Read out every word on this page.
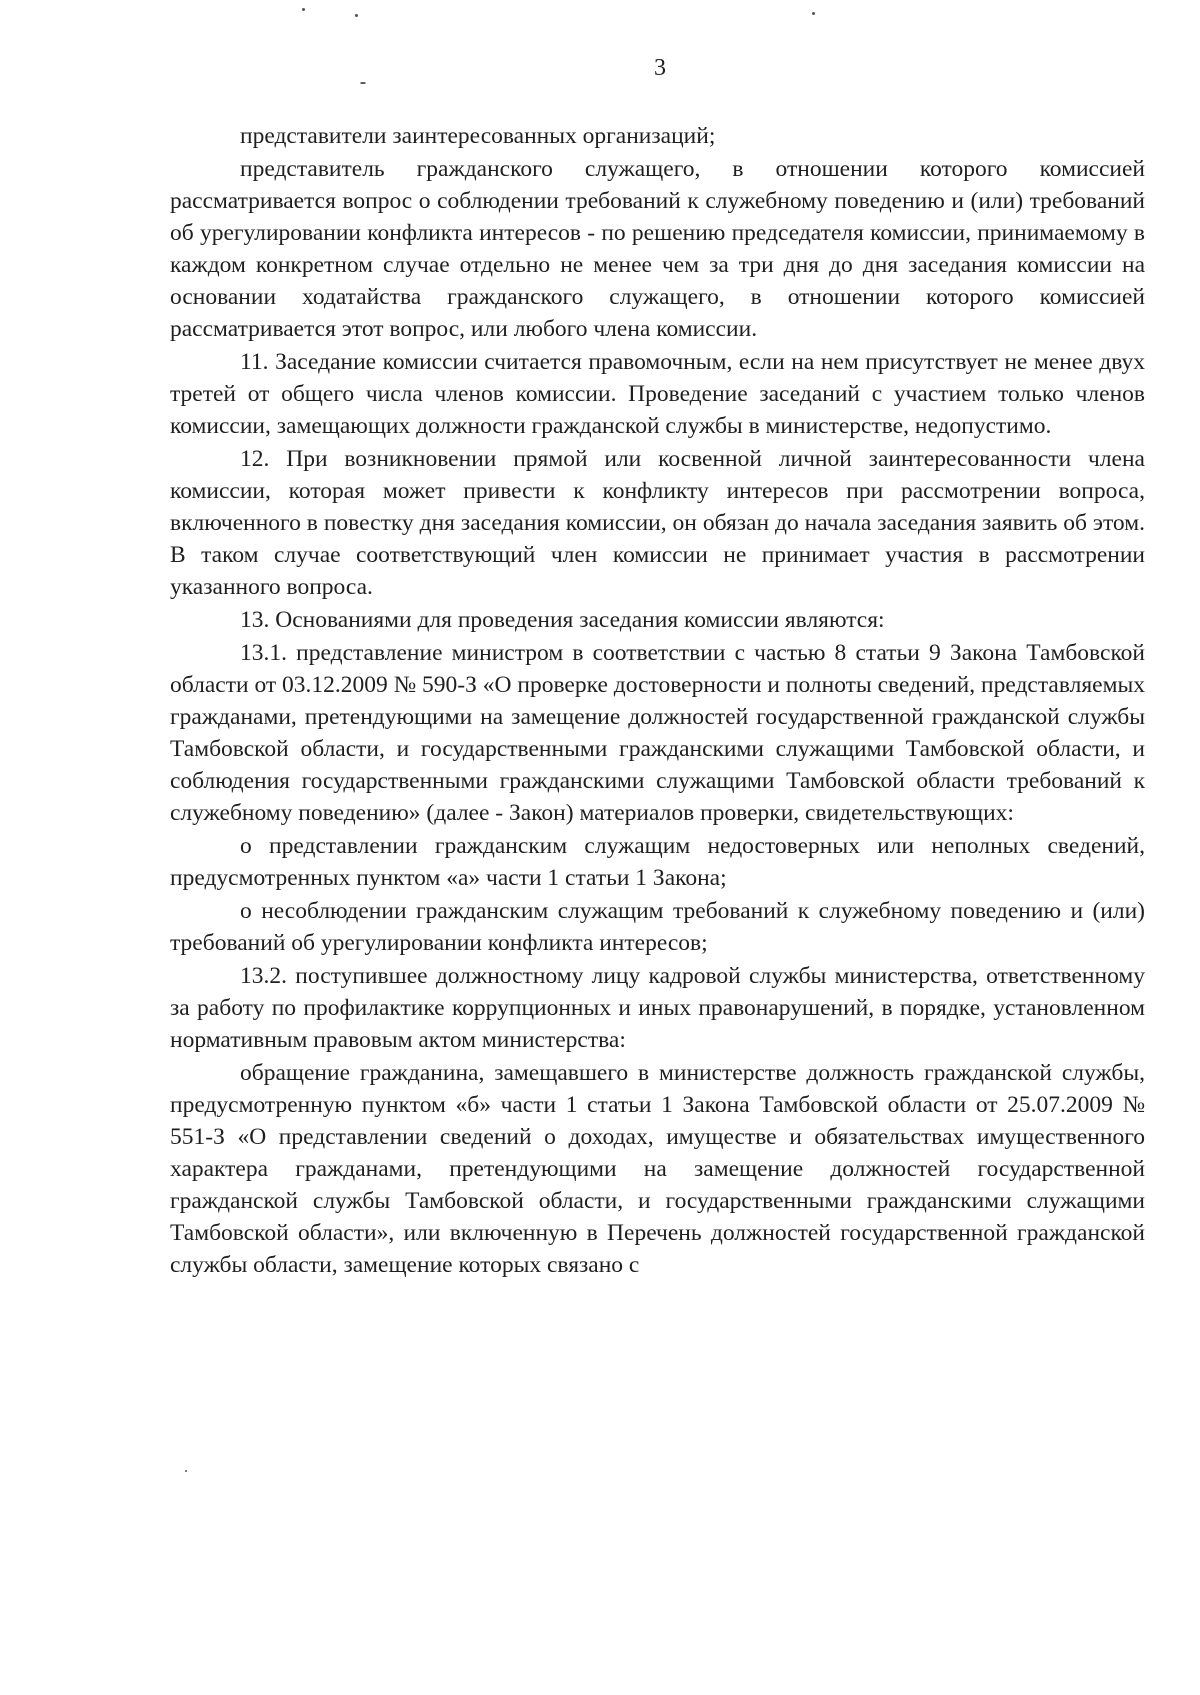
3

представители заинтересованных организаций;

представитель гражданского служащего, в отношении которого комиссией рассматривается вопрос о соблюдении требований к служебному поведению и (или) требований об урегулировании конфликта интересов - по решению председателя комиссии, принимаемому в каждом конкретном случае отдельно не менее чем за три дня до дня заседания комиссии на основании ходатайства гражданского служащего, в отношении которого комиссией рассматривается этот вопрос, или любого члена комиссии.

11. Заседание комиссии считается правомочным, если на нем присутствует не менее двух третей от общего числа членов комиссии. Проведение заседаний с участием только членов комиссии, замещающих должности гражданской службы в министерстве, недопустимо.

12. При возникновении прямой или косвенной личной заинтересованности члена комиссии, которая может привести к конфликту интересов при рассмотрении вопроса, включенного в повестку дня заседания комиссии, он обязан до начала заседания заявить об этом. В таком случае соответствующий член комиссии не принимает участия в рассмотрении указанного вопроса.

13. Основаниями для проведения заседания комиссии являются:

13.1. представление министром в соответствии с частью 8 статьи 9 Закона Тамбовской области от 03.12.2009 № 590-З «О проверке достоверности и полноты сведений, представляемых гражданами, претендующими на замещение должностей государственной гражданской службы Тамбовской области, и государственными гражданскими служащими Тамбовской области, и соблюдения государственными гражданскими служащими Тамбовской области требований к служебному поведению» (далее - Закон) материалов проверки, свидетельствующих:

о представлении гражданским служащим недостоверных или неполных сведений, предусмотренных пунктом «а» части 1 статьи 1 Закона;

о несоблюдении гражданским служащим требований к служебному поведению и (или) требований об урегулировании конфликта интересов;

13.2. поступившее должностному лицу кадровой службы министерства, ответственному за работу по профилактике коррупционных и иных правонарушений, в порядке, установленном нормативным правовым актом министерства:

обращение гражданина, замещавшего в министерстве должность гражданской службы, предусмотренную пунктом «б» части 1 статьи 1 Закона Тамбовской области от 25.07.2009 № 551-З «О представлении сведений о доходах, имуществе и обязательствах имущественного характера гражданами, претендующими на замещение должностей государственной гражданской службы Тамбовской области, и государственными гражданскими служащими Тамбовской области», или включенную в Перечень должностей государственной гражданской службы области, замещение которых связано с
